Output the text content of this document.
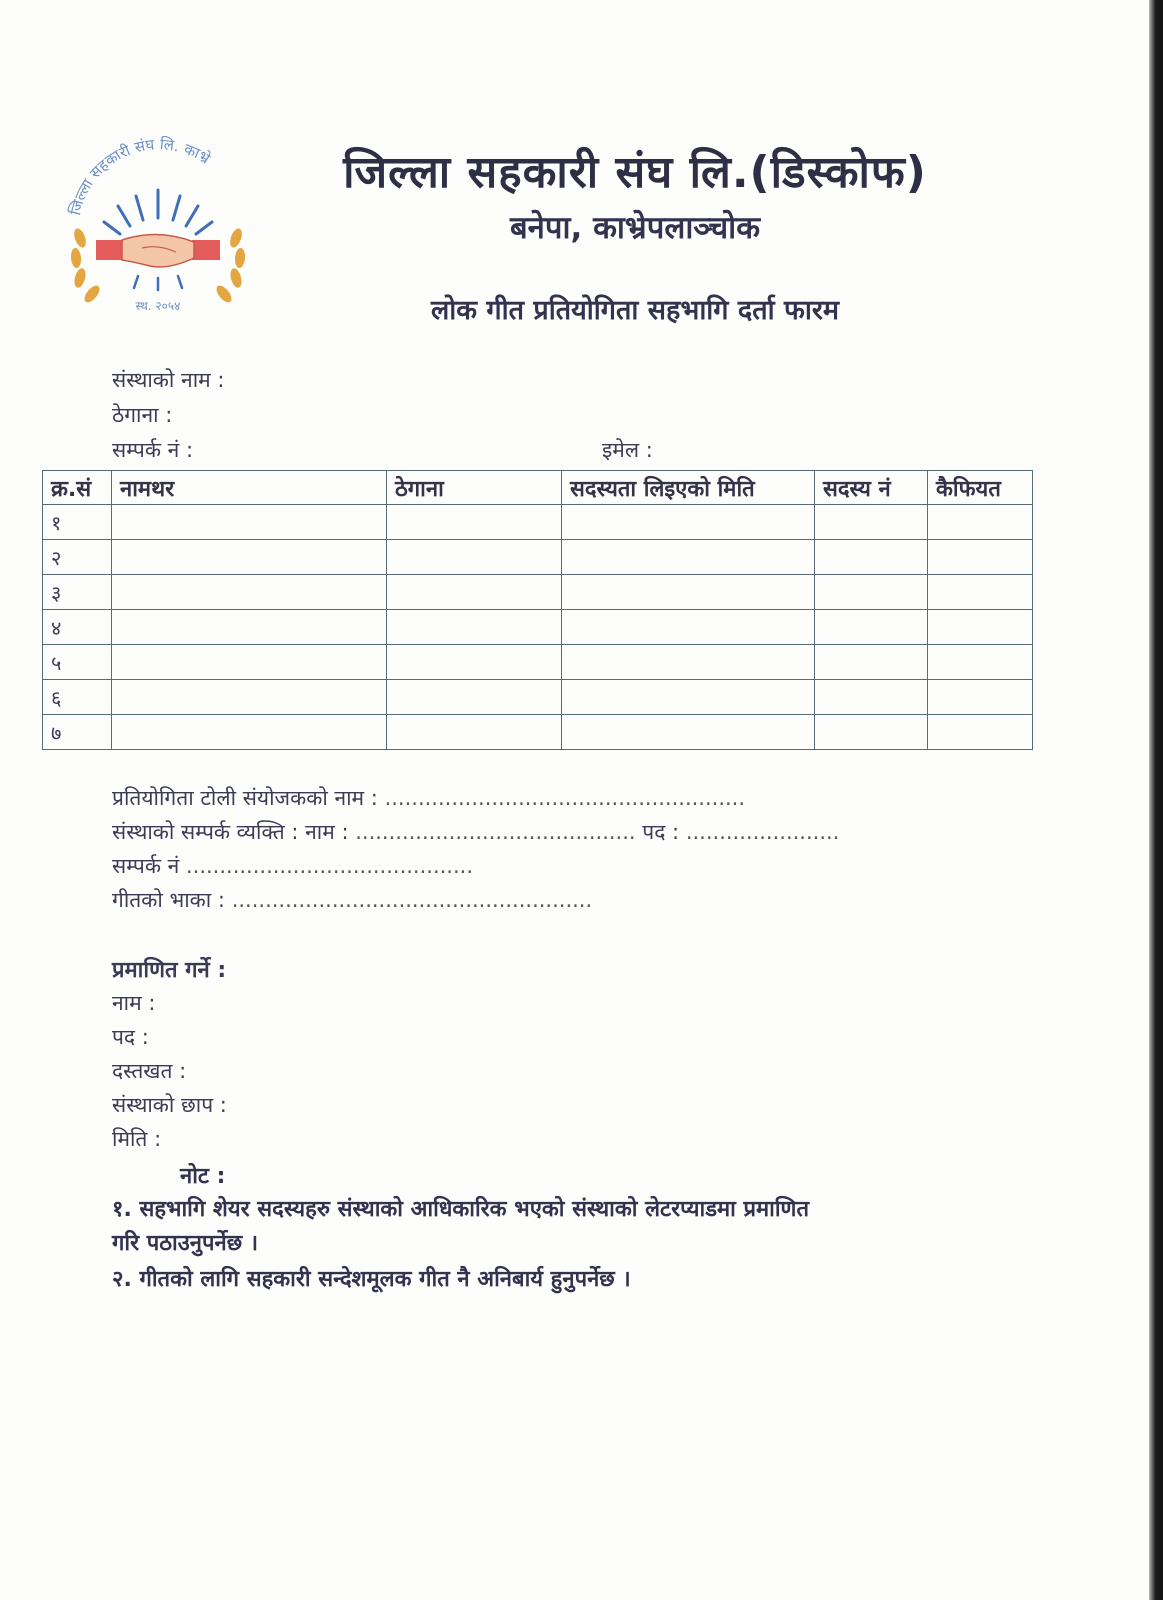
जिल्ला सहकारी संघ लि. काभ्रे
स्थ. २०५४
जिल्ला सहकारी संघ लि.(डिस्कोफ)
बनेपा, काभ्रेपलाञ्चोक
लोक गीत प्रतियोगिता सहभागि दर्ता फारम
संस्थाको नाम :
ठेगाना :
सम्पर्क नं :	इमेल :
क्र.सं	नामथर	ठेगाना	सदस्यता लिइएको मिति	सदस्य नं	कैफियत
१					
२					
३					
४					
५					
६					
७					
प्रतियोगिता टोली संयोजकको नाम : ......................................................
संस्थाको सम्पर्क व्यक्ति : नाम : .......................................... पद : .......................
सम्पर्क नं ...........................................
गीतको भाका : ......................................................
प्रमाणित गर्ने :
नाम :
पद :
दस्तखत :
संस्थाको छाप :
मिति :
नोट :
१. सहभागि शेयर सदस्यहरु संस्थाको आधिकारिक भएको संस्थाको लेटरप्याडमा प्रमाणित
गरि पठाउनुपर्नेछ ।
२. गीतको लागि सहकारी सन्देशमूलक गीत नै अनिबार्य हुनुपर्नेछ ।
